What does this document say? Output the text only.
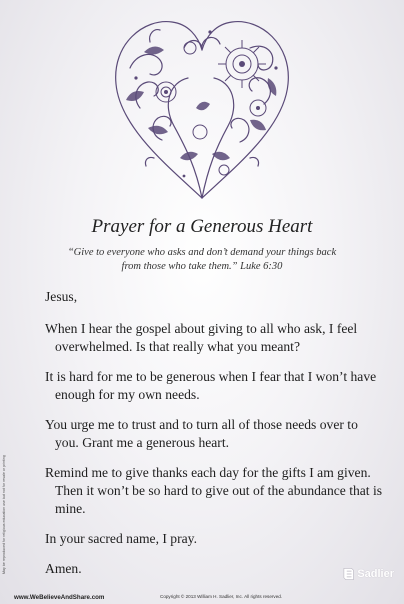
Prayer for a Generous Heart
“Give to everyone who asks and don’t demand your things back from those who take them.” Luke 6:30

Jesus,

When I hear the gospel about giving to all who ask, I feel overwhelmed. Is that really what you meant?

It is hard for me to be generous when I fear that I won’t have enough for my own needs.

You urge me to trust and to turn all of those needs over to you. Grant me a generous heart.

Remind me to give thanks each day for the gifts I am given. Then it won’t be so hard to give out of the abundance that is mine.

In your sacred name, I pray.

Amen.

May be reproduced for religious education use but not for resale or printing
www.WeBelieveAndShare.com	Copyright © 2013 William H. Sadlier, Inc. All rights reserved.
Sadlier
